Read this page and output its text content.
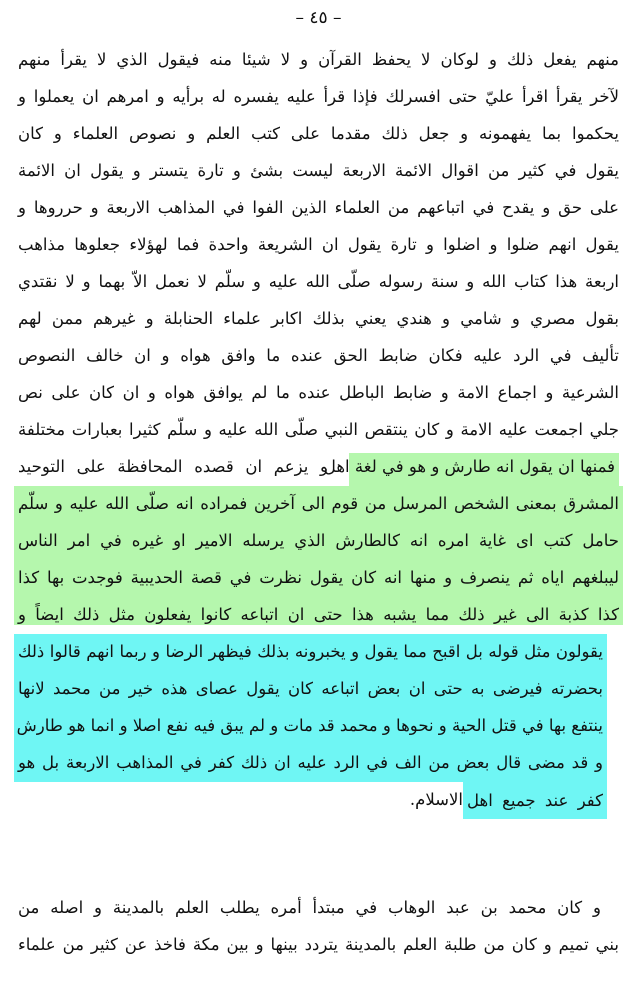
– ٤٥ –
منهم يفعل ذلك و لوكان لا يحفظ القرآن و لا شيئا منه فيقول الذي لا يقرأ منهم
لآخر يقرأ اقرأ عليّ حتى افسرلك فإذا قرأ عليه يفسره له برأيه و امرهم ان يعملوا و
يحكموا بما يفهمونه و جعل ذلك مقدما على كتب العلم و نصوص العلماء و كان
يقول في كثير من اقوال الائمة الاربعة ليست بشئ و تارة يتستر و يقول ان الائمة
على حق و يقدح في اتباعهم من العلماء الذين الفوا في المذاهب الاربعة و حرروها و
يقول انهم ضلوا و اضلوا و تارة يقول ان الشريعة واحدة فما لهؤلاء جعلوها مذاهب
اربعة هذا كتاب الله و سنة رسوله صلّى الله عليه و سلّم لا نعمل الاّ بهما و لا نقتدي
بقول مصري و شامي و هندي يعني بذلك اكابر علماء الحنابلة و غيرهم ممن لهم
تأليف في الرد عليه فكان ضابط الحق عنده ما وافق هواه و ان خالف النصوص
الشرعية و اجماع الامة و ضابط الباطل عنده ما لم يوافق هواه و ان كان على نص
جلي اجمعت عليه الامة و كان ينتقص النبي صلّى الله عليه و سلّم كثيرا بعبارات مختلفة
فمنها ان يقول انه طارش و هو في لغة اهل
و يزعم ان قصده المحافظة على التوحيد
المشرق بمعنى الشخص المرسل من قوم الى آخرين فمراده انه صلّى الله عليه و سلّم
حامل كتب اى غاية امره انه كالطارش الذي يرسله الامير او غيره في امر الناس
ليبلغهم اياه ثم ينصرف و منها انه كان يقول نظرت في قصة الحديبية فوجدت بها كذا
كذا كذبة الى غير ذلك مما يشبه هذا حتى ان اتباعه كانوا يفعلون مثل ذلك ايضاً و
يقولون مثل قوله بل اقبح مما يقول و يخبرونه بذلك فيظهر الرضا و ربما انهم قالوا ذلك
بحضرته فيرضى به حتى ان بعض اتباعه كان يقول عصاى هذه خير من محمد لانها
ينتفع بها في قتل الحية و نحوها و محمد قد مات و لم يبق فيه نفع اصلا و انما هو طارش
و قد مضى قال بعض من الف في الرد عليه ان ذلك كفر في المذاهب الاربعة بل هو
كفر عند جميع اهل
الاسلام.
و كان محمد بن عبد الوهاب في مبتدأ أمره يطلب العلم بالمدينة و اصله من
بني تميم و كان من طلبة العلم بالمدينة يتردد بينها و بين مكة فاخذ عن كثير من علماء
